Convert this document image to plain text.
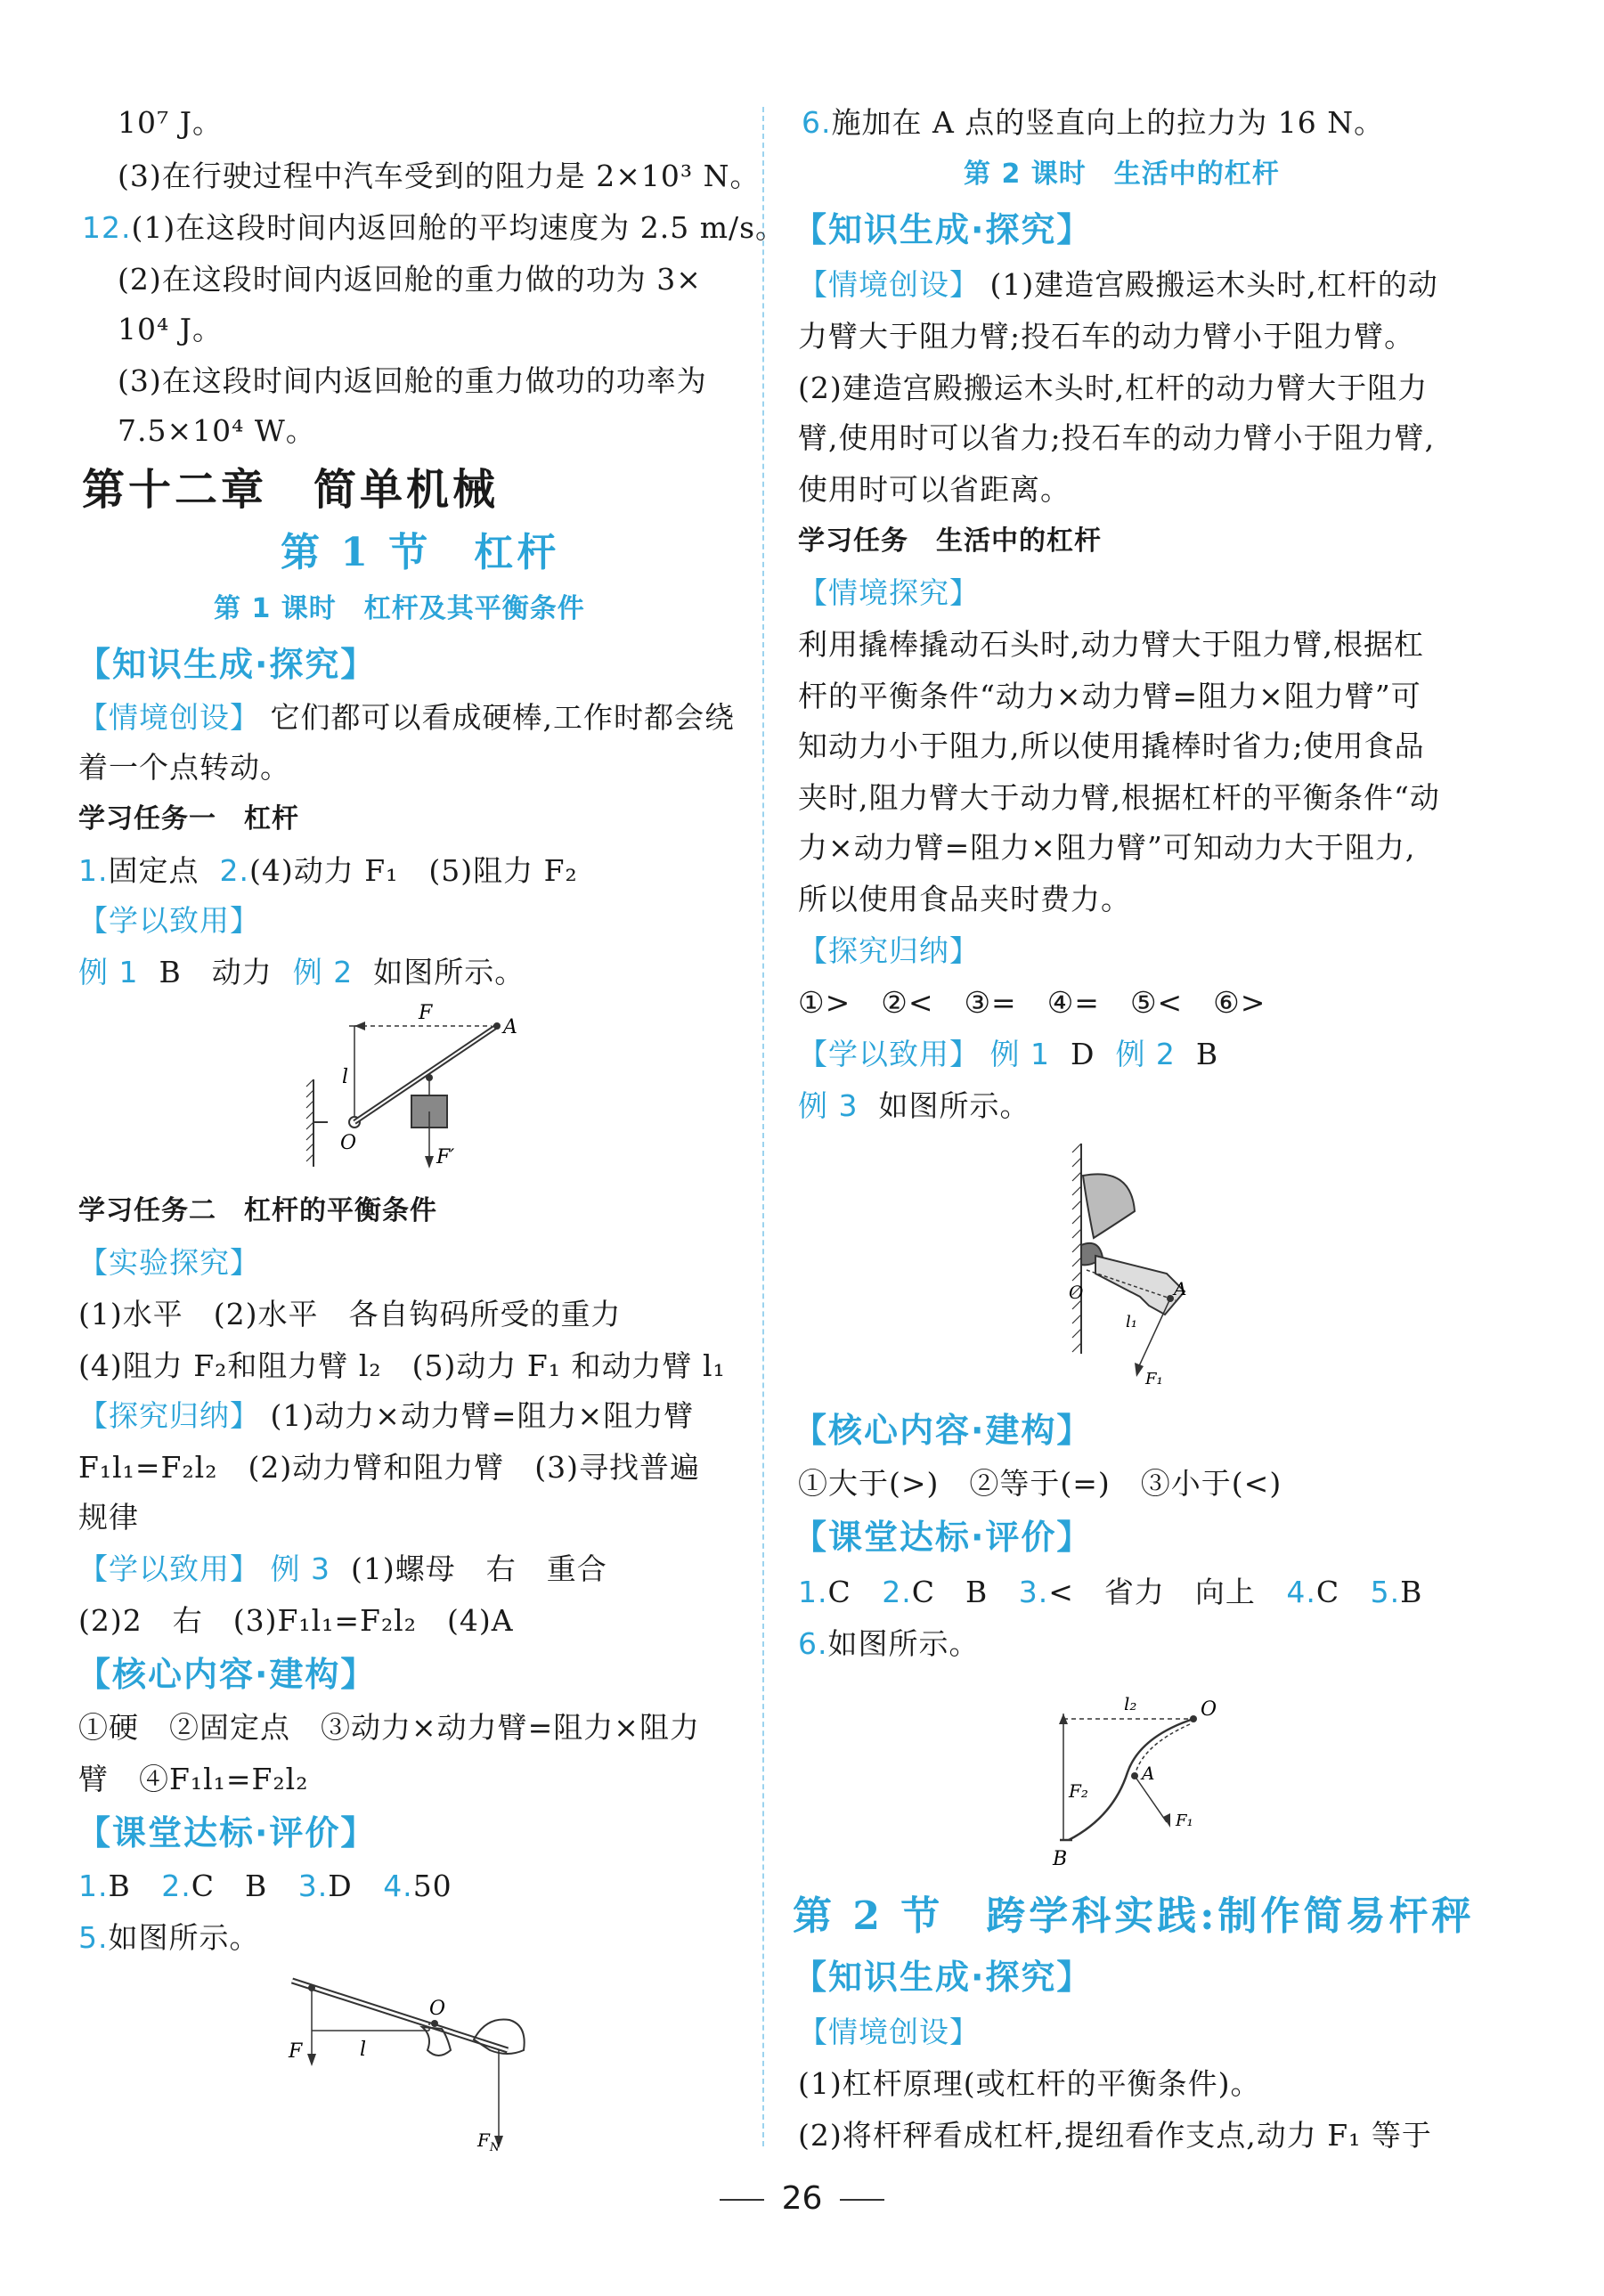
10⁷ J。
(3)在行驶过程中汽车受到的阻力是 2×10³ N。
12.(1)在这段时间内返回舱的平均速度为 2.5 m/s。
(2)在这段时间内返回舱的重力做的功为 3×
10⁴ J。
(3)在这段时间内返回舱的重力做功的功率为
7.5×10⁴ W。
第十二章　简单机械
第 1 节　杠杆
第 1 课时　杠杆及其平衡条件
【知识生成·探究】
【情境创设】 它们都可以看成硬棒,工作时都会绕
着一个点转动。
学习任务一　杠杆
1.固定点 2.(4)动力 F₁　(5)阻力 F₂
【学以致用】
例 1 B　动力 例 2 如图所示。
F
A
l
O
F′
学习任务二　杠杆的平衡条件
【实验探究】
(1)水平　(2)水平　各自钩码所受的重力
(4)阻力 F₂和阻力臂 l₂　(5)动力 F₁ 和动力臂 l₁
【探究归纳】 (1)动力×动力臂=阻力×阻力臂
F₁l₁=F₂l₂　(2)动力臂和阻力臂　(3)寻找普遍
规律
【学以致用】 例 3 (1)螺母　右　重合
(2)2　右　(3)F₁l₁=F₂l₂　(4)A
【核心内容·建构】
①硬　②固定点　③动力×动力臂=阻力×阻力
臂　④F₁l₁=F₂l₂
【课堂达标·评价】
1.B 2.C　B 3.D 4.50
5.如图所示。
F
O
l
$F_N$
6.施加在 A 点的竖直向上的拉力为 16 N。
第 2 课时　生活中的杠杆
【知识生成·探究】
【情境创设】 (1)建造宫殿搬运木头时,杠杆的动
力臂大于阻力臂;投石车的动力臂小于阻力臂。
(2)建造宫殿搬运木头时,杠杆的动力臂大于阻力
臂,使用时可以省力;投石车的动力臂小于阻力臂,
使用时可以省距离。
学习任务　生活中的杠杆
【情境探究】
利用撬棒撬动石头时,动力臂大于阻力臂,根据杠
杆的平衡条件“动力×动力臂=阻力×阻力臂”可
知动力小于阻力,所以使用撬棒时省力;使用食品
夹时,阻力臂大于动力臂,根据杠杆的平衡条件“动
力×动力臂=阻力×阻力臂”可知动力大于阻力,
所以使用食品夹时费力。
【探究归纳】
①>　②<　③=　④=　⑤<　⑥>
【学以致用】 例 1 D 例 2 B
例 3 如图所示。
O	A
l₁
F₁
【核心内容·建构】
①大于(>)　②等于(=)　③小于(<)
【课堂达标·评价】
1.C 2.C　B 3.<　省力　向上 4.C 5.B
6.如图所示。
l₂	O
F₂
A
F₁
B
第 2 节　跨学科实践:制作简易杆秤
【知识生成·探究】
【情境创设】
(1)杠杆原理(或杠杆的平衡条件)。
(2)将杆秤看成杠杆,提纽看作支点,动力 F₁ 等于
26
